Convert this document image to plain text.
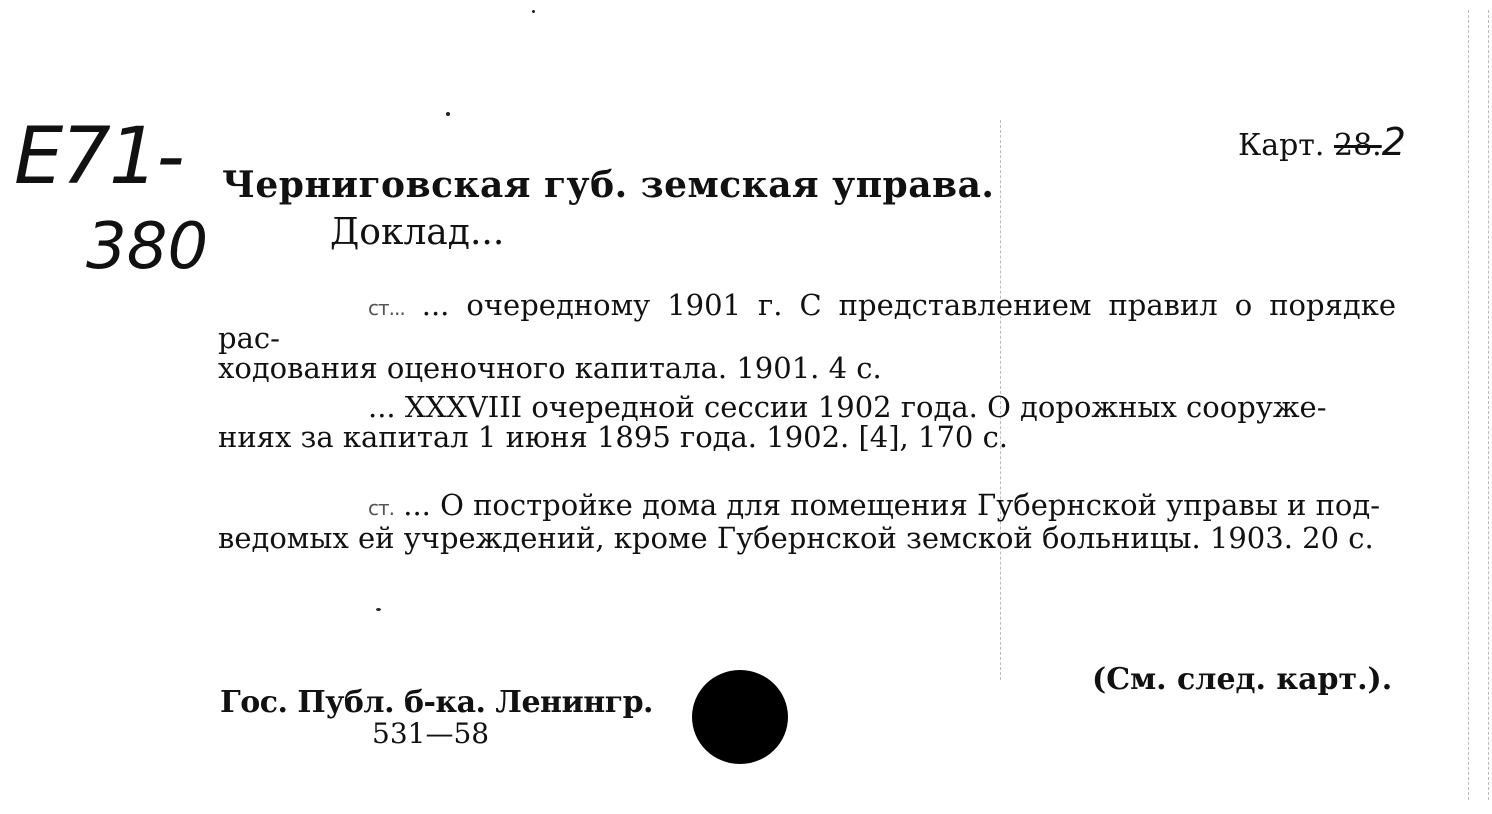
E71-
380
Карт. 28.2
Черниговская губ. земская управа.
Доклад...
ст... ... очередному 1901 г. С представлением правил о порядке рас-
ходования оценочного капитала. 1901. 4 с.
... XXXVIII очередной сессии 1902 года. О дорожных сооруже-
ниях за капитал 1 июня 1895 года. 1902. [4], 170 с.
ст. ... О постройке дома для помещения Губернской управы и под-
ведомых ей учреждений, кроме Губернской земской больницы. 1903. 20 с.
(См. след. карт.).
Гос. Публ. б-ка. Ленингр.
531—58
